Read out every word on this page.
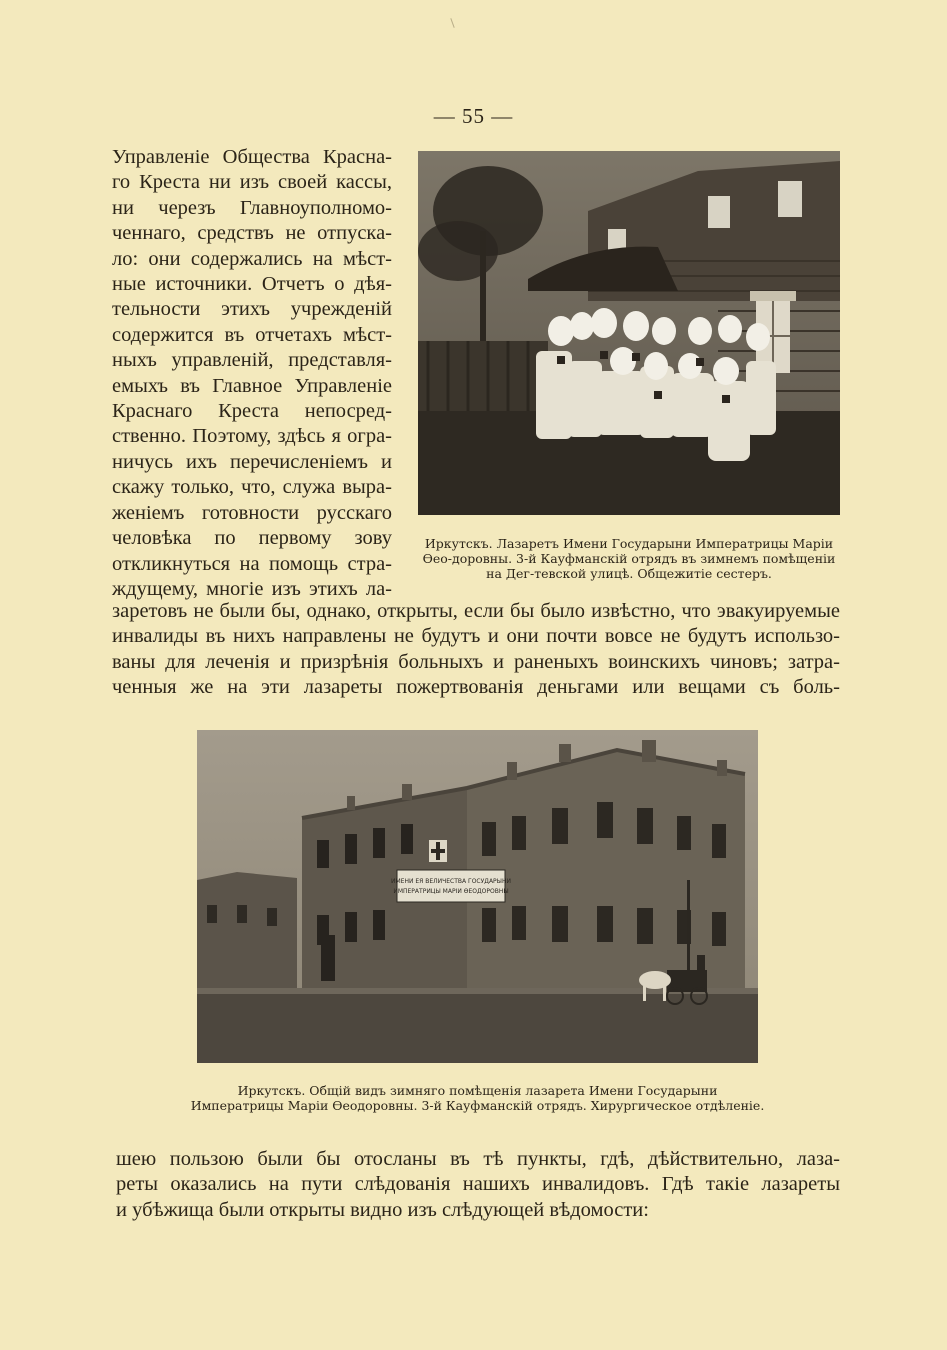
— 55 —
Управленіе Общества Красна-
го Креста ни изъ своей кассы,
ни черезъ Главноуполномо-
ченнаго, средствъ не отпуска-
ло: они содержались на мѣст-
ные источники. Отчетъ о дѣя-
тельности этихъ учрежденій
содержится въ отчетахъ мѣст-
ныхъ управленій, представля-
емыхъ въ Главное Управленіе
Краснаго Креста непосред-
ственно. Поэтому, здѣсь я огра-
ничусь ихъ перечисленіемъ и
скажу только, что, служа выра-
женіемъ готовности русскаго
человѣка по первому зову
откликнуться на помощь стра-
ждущему, многіе изъ этихъ ла-
Иркутскъ. Лазаретъ Имени Государыни Императрицы Маріи Ѳео-доровны. 3-й Кауфманскій отрядъ въ зимнемъ помѣщеніи на Дег-тевской улицѣ. Общежитіе сестеръ.
заретовъ не были бы, однако, открыты, если бы было извѣстно, что эвакуируемые
инвалиды въ нихъ направлены не будутъ и они почти вовсе не будутъ использо-
ваны для леченія и призрѣнія больныхъ и раненыхъ воинскихъ чиновъ; затра-
ченныя же на эти лазареты пожертвованія деньгами или вещами съ боль-
ИМЕНИ ЕЯ ВЕЛИЧЕСТВА ГОСУДАРЫНИ
ИМПЕРАТРИЦЫ МАРІИ ѲЕОДОРОВНЫ
Иркутскъ. Общій видъ зимняго помѣщенія лазарета Имени Государыни Императрицы Маріи Ѳеодоровны. 3-й Кауфманскій отрядъ. Хирургическое отдѣленіе.
шею пользою были бы отосланы въ тѣ пункты, гдѣ, дѣйствительно, лаза-
реты оказались на пути слѣдованія нашихъ инвалидовъ. Гдѣ такіе лазареты
и убѣжища были открыты видно изъ слѣдующей вѣдомости:
